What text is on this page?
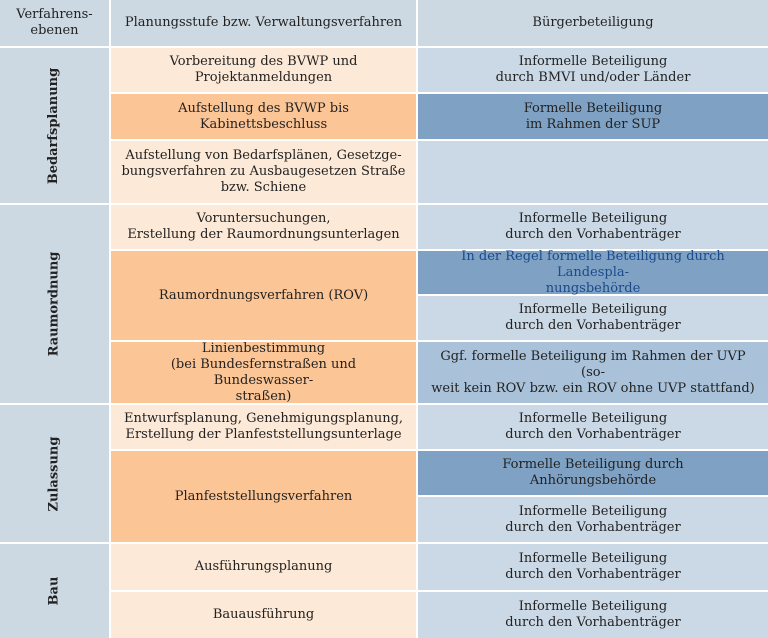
Verfahrens-
ebenen
Planungsstufe bzw. Verwaltungsverfahren	Bürgerbeteiligung
Bedarfsplanung
Raumordnung
Zulassung
Bau
Vorbereitung des BVWP und
Projektanmeldungen
Aufstellung des BVWP bis
Kabinettsbeschluss
Aufstellung von Bedarfsplänen, Gesetzge-
bungsverfahren zu Ausbaugesetzen Straße
bzw. Schiene
Voruntersuchungen,
Erstellung der Raumordnungsunterlagen
Raumordnungsverfahren (ROV)
Linienbestimmung
(bei Bundesfernstraßen und Bundeswasser-
straßen)
Entwurfsplanung, Genehmigungsplanung,
Erstellung der Planfeststellungsunterlage
Planfeststellungsverfahren
Ausführungsplanung
Bauausführung
Informelle Beteiligung
durch BMVI und/oder Länder
Formelle Beteiligung
im Rahmen der SUP
Informelle Beteiligung
durch den Vorhabenträger
In der Regel formelle Beteiligung durch Landespla-
nungsbehörde
Informelle Beteiligung
durch den Vorhabenträger
Ggf. formelle Beteiligung im Rahmen der UVP (so-
weit kein ROV bzw. ein ROV ohne UVP stattfand)
Informelle Beteiligung
durch den Vorhabenträger
Formelle Beteiligung durch
Anhörungsbehörde
Informelle Beteiligung
durch den Vorhabenträger
Informelle Beteiligung
durch den Vorhabenträger
Informelle Beteiligung
durch den Vorhabenträger
